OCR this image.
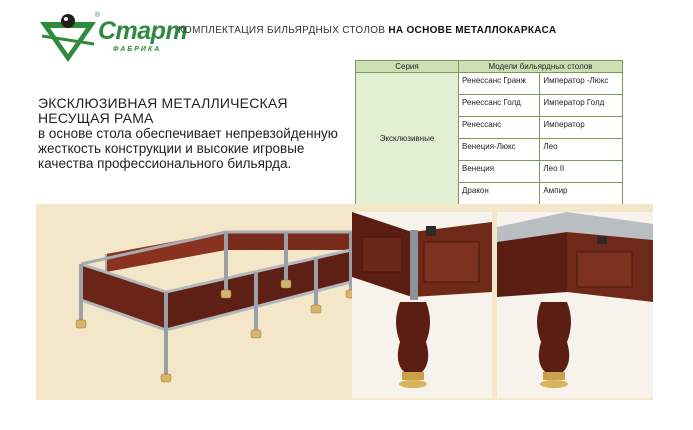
®
Старт
ФАБРИКА
КОМПЛЕКТАЦИЯ БИЛЬЯРДНЫХ СТОЛОВ НА ОСНОВЕ МЕТАЛЛОКАРКАСА
ЭКСКЛЮЗИВНАЯ МЕТАЛЛИЧЕСКАЯ НЕСУЩАЯ РАМА
в основе стола обеспечивает непревзойденную жесткость конструкции и высокие игровые качества профессионального бильярда.
Серия	Модели бильярдных столов	
Эксклюзивные	Ренессанс Гранж	Император -Люкс
	Ренессанс Голд	Император Голд
	Ренессанс	Император
	Венеция-Люкс	Лео
	Венеция	Лео II
	Дракон	Ампир
